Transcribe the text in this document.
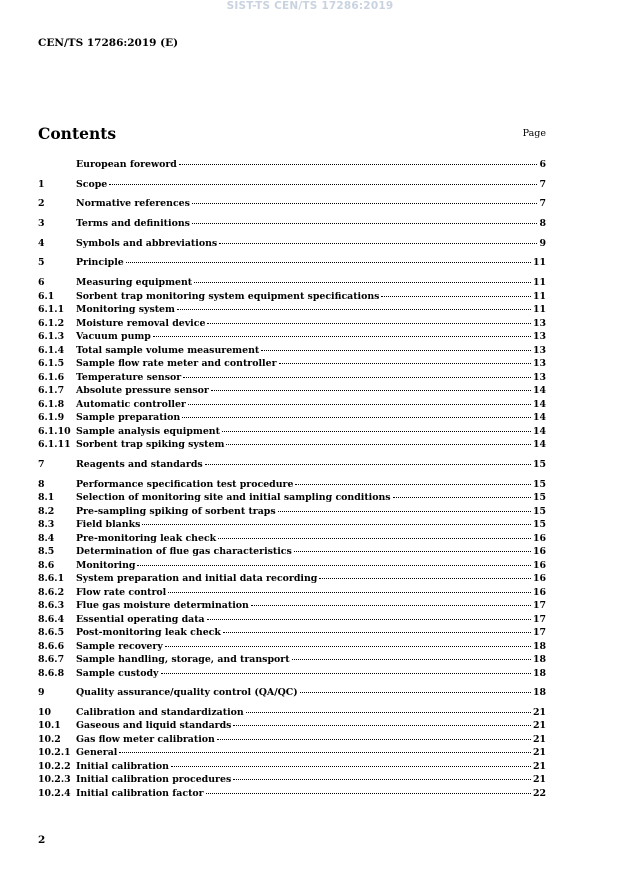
SIST-TS CEN/TS 17286:2019
CEN/TS 17286:2019 (E)
Contents	Page
European foreword	6
1	Scope	7
2	Normative references	7
3	Terms and definitions	8
4	Symbols and abbreviations	9
5	Principle	11
6	Measuring equipment	11
6.1	Sorbent trap monitoring system equipment specifications	11
6.1.1	Monitoring system	11
6.1.2	Moisture removal device	13
6.1.3	Vacuum pump	13
6.1.4	Total sample volume measurement	13
6.1.5	Sample flow rate meter and controller	13
6.1.6	Temperature sensor	13
6.1.7	Absolute pressure sensor	14
6.1.8	Automatic controller	14
6.1.9	Sample preparation	14
6.1.10 Sample analysis equipment	14
6.1.11 Sorbent trap spiking system	14
7	Reagents and standards	15
8	Performance specification test procedure	15
8.1	Selection of monitoring site and initial sampling conditions	15
8.2	Pre-sampling spiking of sorbent traps	15
8.3	Field blanks	15
8.4	Pre-monitoring leak check	16
8.5	Determination of flue gas characteristics	16
8.6	Monitoring	16
8.6.1	System preparation and initial data recording	16
8.6.2	Flow rate control	16
8.6.3	Flue gas moisture determination	17
8.6.4	Essential operating data	17
8.6.5	Post-monitoring leak check	17
8.6.6	Sample recovery	18
8.6.7	Sample handling, storage, and transport	18
8.6.8	Sample custody	18
9	Quality assurance/quality control (QA/QC)	18
10	Calibration and standardization	21
10.1	Gaseous and liquid standards	21
10.2	Gas flow meter calibration	21
10.2.1 General	21
10.2.2 Initial calibration	21
10.2.3 Initial calibration procedures	21
10.2.4 Initial calibration factor	22
2
